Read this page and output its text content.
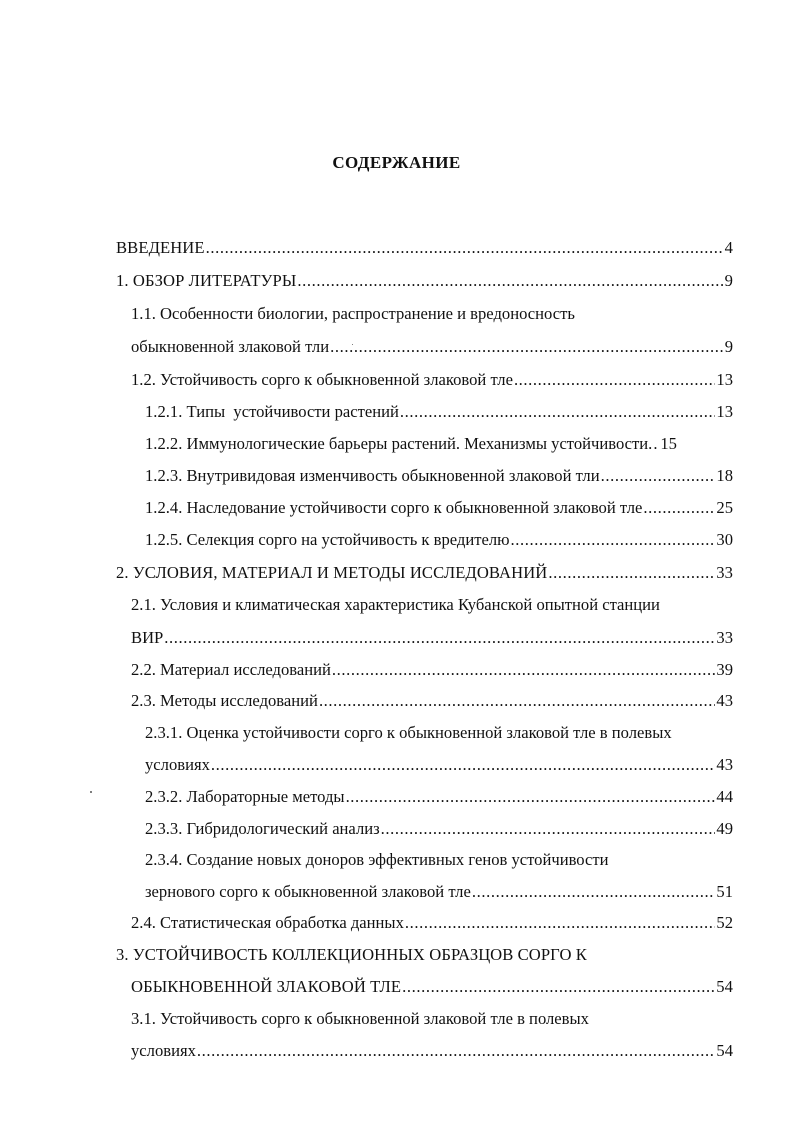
СОДЕРЖАНИЕ
ВВЕДЕНИЕ .....	4
1. ОБЗОР ЛИТЕРАТУРЫ .....	9
1.1. Особенности биологии, распространение и вредоносность
обыкновенной злаковой тли .....	9
1.2. Устойчивость сорго к обыкновенной злаковой тле .....	13
1.2.1. Типы  устойчивости растений .....	13
1.2.2. Иммунологические барьеры растений. Механизмы устойчивости. ..... 15
1.2.3. Внутривидовая изменчивость обыкновенной злаковой тли .....	18
1.2.4. Наследование устойчивости сорго к обыкновенной злаковой тле .....	25
1.2.5. Селекция сорго на устойчивость к вредителю .....	30
2. УСЛОВИЯ, МАТЕРИАЛ И МЕТОДЫ ИССЛЕДОВАНИЙ .....	33
2.1. Условия и климатическая характеристика Кубанской опытной станции
ВИР .....	33
2.2. Материал исследований .....	39
2.3. Методы исследований .....	43
2.3.1. Оценка устойчивости сорго к обыкновенной злаковой тле в полевых
условиях .....	43
2.3.2. Лабораторные методы .....	44
2.3.3. Гибридологический анализ .....	49
2.3.4. Создание новых доноров эффективных генов устойчивости
зернового сорго к обыкновенной злаковой тле .....	51
2.4. Статистическая обработка данных .....	52
3. УСТОЙЧИВОСТЬ КОЛЛЕКЦИОННЫХ ОБРАЗЦОВ СОРГО К
ОБЫКНОВЕННОЙ ЗЛАКОВОЙ ТЛЕ .....	54
3.1. Устойчивость сорго к обыкновенной злаковой тле в полевых
условиях .....	54
